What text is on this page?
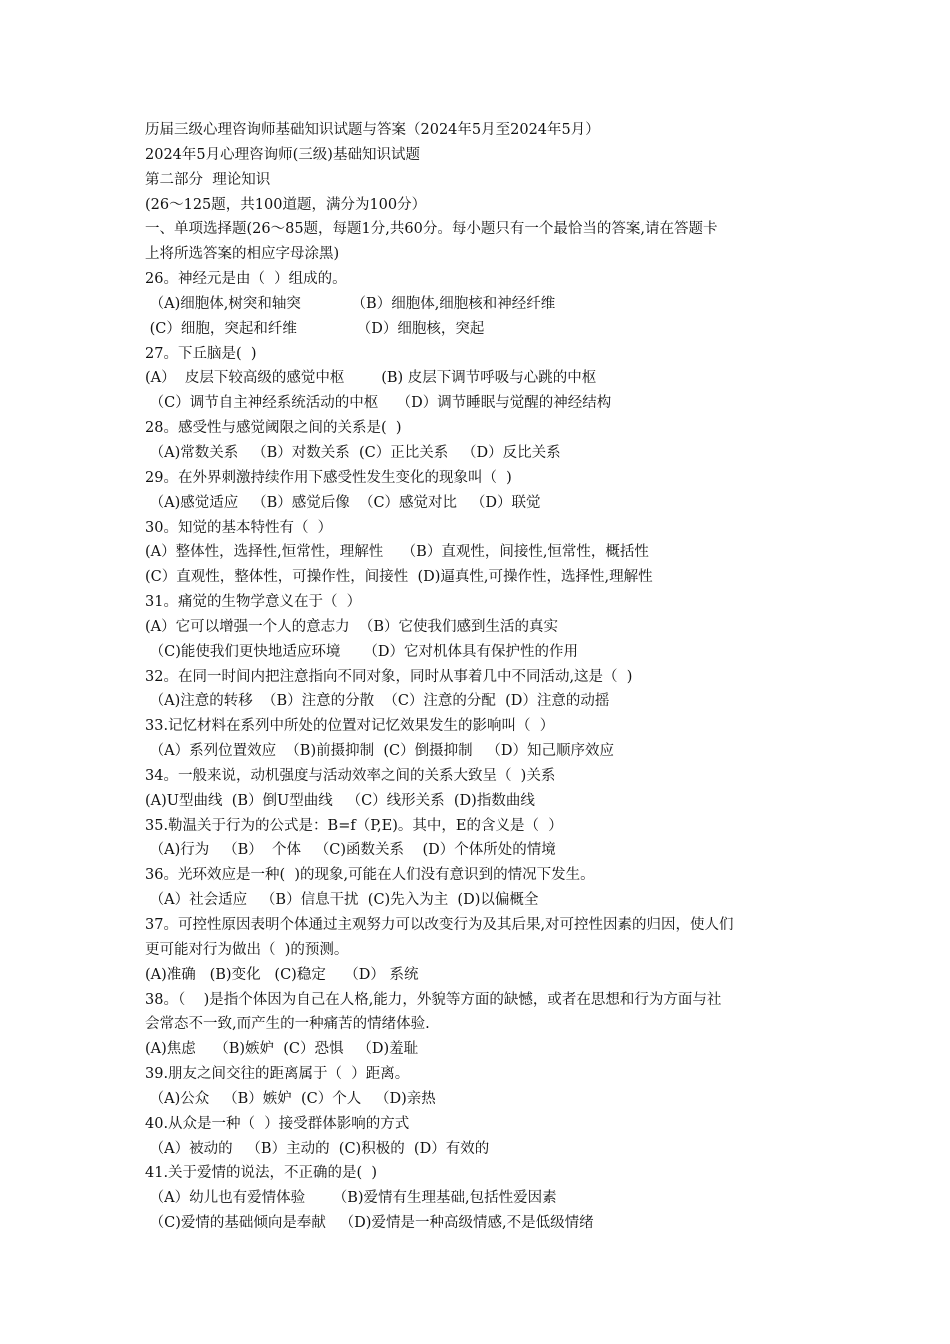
历届三级心理咨询师基础知识试题与答案（2024年5月至2024年5月）
2024年5月心理咨询师(三级)基础知识试题
第二部分  理论知识
(26～125题，共100道题，满分为100分）
一、单项选择题(26～85题，每题1分,共60分。每小题只有一个最恰当的答案,请在答题卡
上将所选答案的相应字母涂黑)
26。神经元是由（  ）组成的。
（A)细胞体,树突和轴突           （B）细胞体,细胞核和神经纤维
(C）细胞，突起和纤维             （D）细胞核，突起
27。下丘脑是(  )
(A）  皮层下较高级的感觉中枢        (B) 皮层下调节呼吸与心跳的中枢
（C）调节自主神经系统活动的中枢    （D）调节睡眠与觉醒的神经结构
28。感受性与感觉阈限之间的关系是(  )
（A)常数关系   （B）对数关系  (C）正比关系   （D）反比关系
29。在外界刺激持续作用下感受性发生变化的现象叫（  )
（A)感觉适应   （B）感觉后像  （C）感觉对比   （D）联觉
30。知觉的基本特性有（  ）
(A）整体性，选择性,恒常性，理解性    （B）直观性，间接性,恒常性，概括性
(C）直观性，整体性，可操作性，间接性  (D)逼真性,可操作性，选择性,理解性
31。痛觉的生物学意义在于（  ）
(A）它可以增强一个人的意志力  （B）它使我们感到生活的真实
（C)能使我们更快地适应环境     （D）它对机体具有保护性的作用
32。在同一时间内把注意指向不同对象，同时从事着几中不同活动,这是（  )
（A)注意的转移  （B）注意的分散  （C）注意的分配  (D）注意的动摇
33.记忆材料在系列中所处的位置对记忆效果发生的影响叫（  ）
（A）系列位置效应  （B)前摄抑制  (C）倒摄抑制   （D）知己顺序效应
34。一般来说，动机强度与活动效率之间的关系大致呈（  )关系
(A)U型曲线  (B）倒U型曲线   （C）线形关系  (D)指数曲线
35.勒温关于行为的公式是：B=f（P,E)。其中，E的含义是（  ）
（A)行为   （B）  个体   （C)函数关系    (D）个体所处的情境
36。光环效应是一种(  )的现象,可能在人们没有意识到的情况下发生。
（A）社会适应   （B）信息干扰  (C)先入为主  (D)以偏概全
37。可控性原因表明个体通过主观努力可以改变行为及其后果,对可控性因素的归因，使人们
更可能对行为做出（  )的预测。
(A)准确   (B)变化   (C)稳定    （D） 系统
38。（    )是指个体因为自己在人格,能力，外貌等方面的缺憾，或者在思想和行为方面与社
会常态不一致,而产生的一种痛苦的情绪体验.
(A)焦虑    （B)嫉妒  (C）恐惧   （D)羞耻
39.朋友之间交往的距离属于（  ）距离。
（A)公众   （B）嫉妒  (C）个人   （D)亲热
40.从众是一种（  ）接受群体影响的方式
（A）被动的   （B）主动的  (C)积极的  (D）有效的
41.关于爱情的说法，不正确的是(  )
（A）幼儿也有爱情体验      （B)爱情有生理基础,包括性爱因素
（C)爱情的基础倾向是奉献   （D)爱情是一种高级情感,不是低级情绪
